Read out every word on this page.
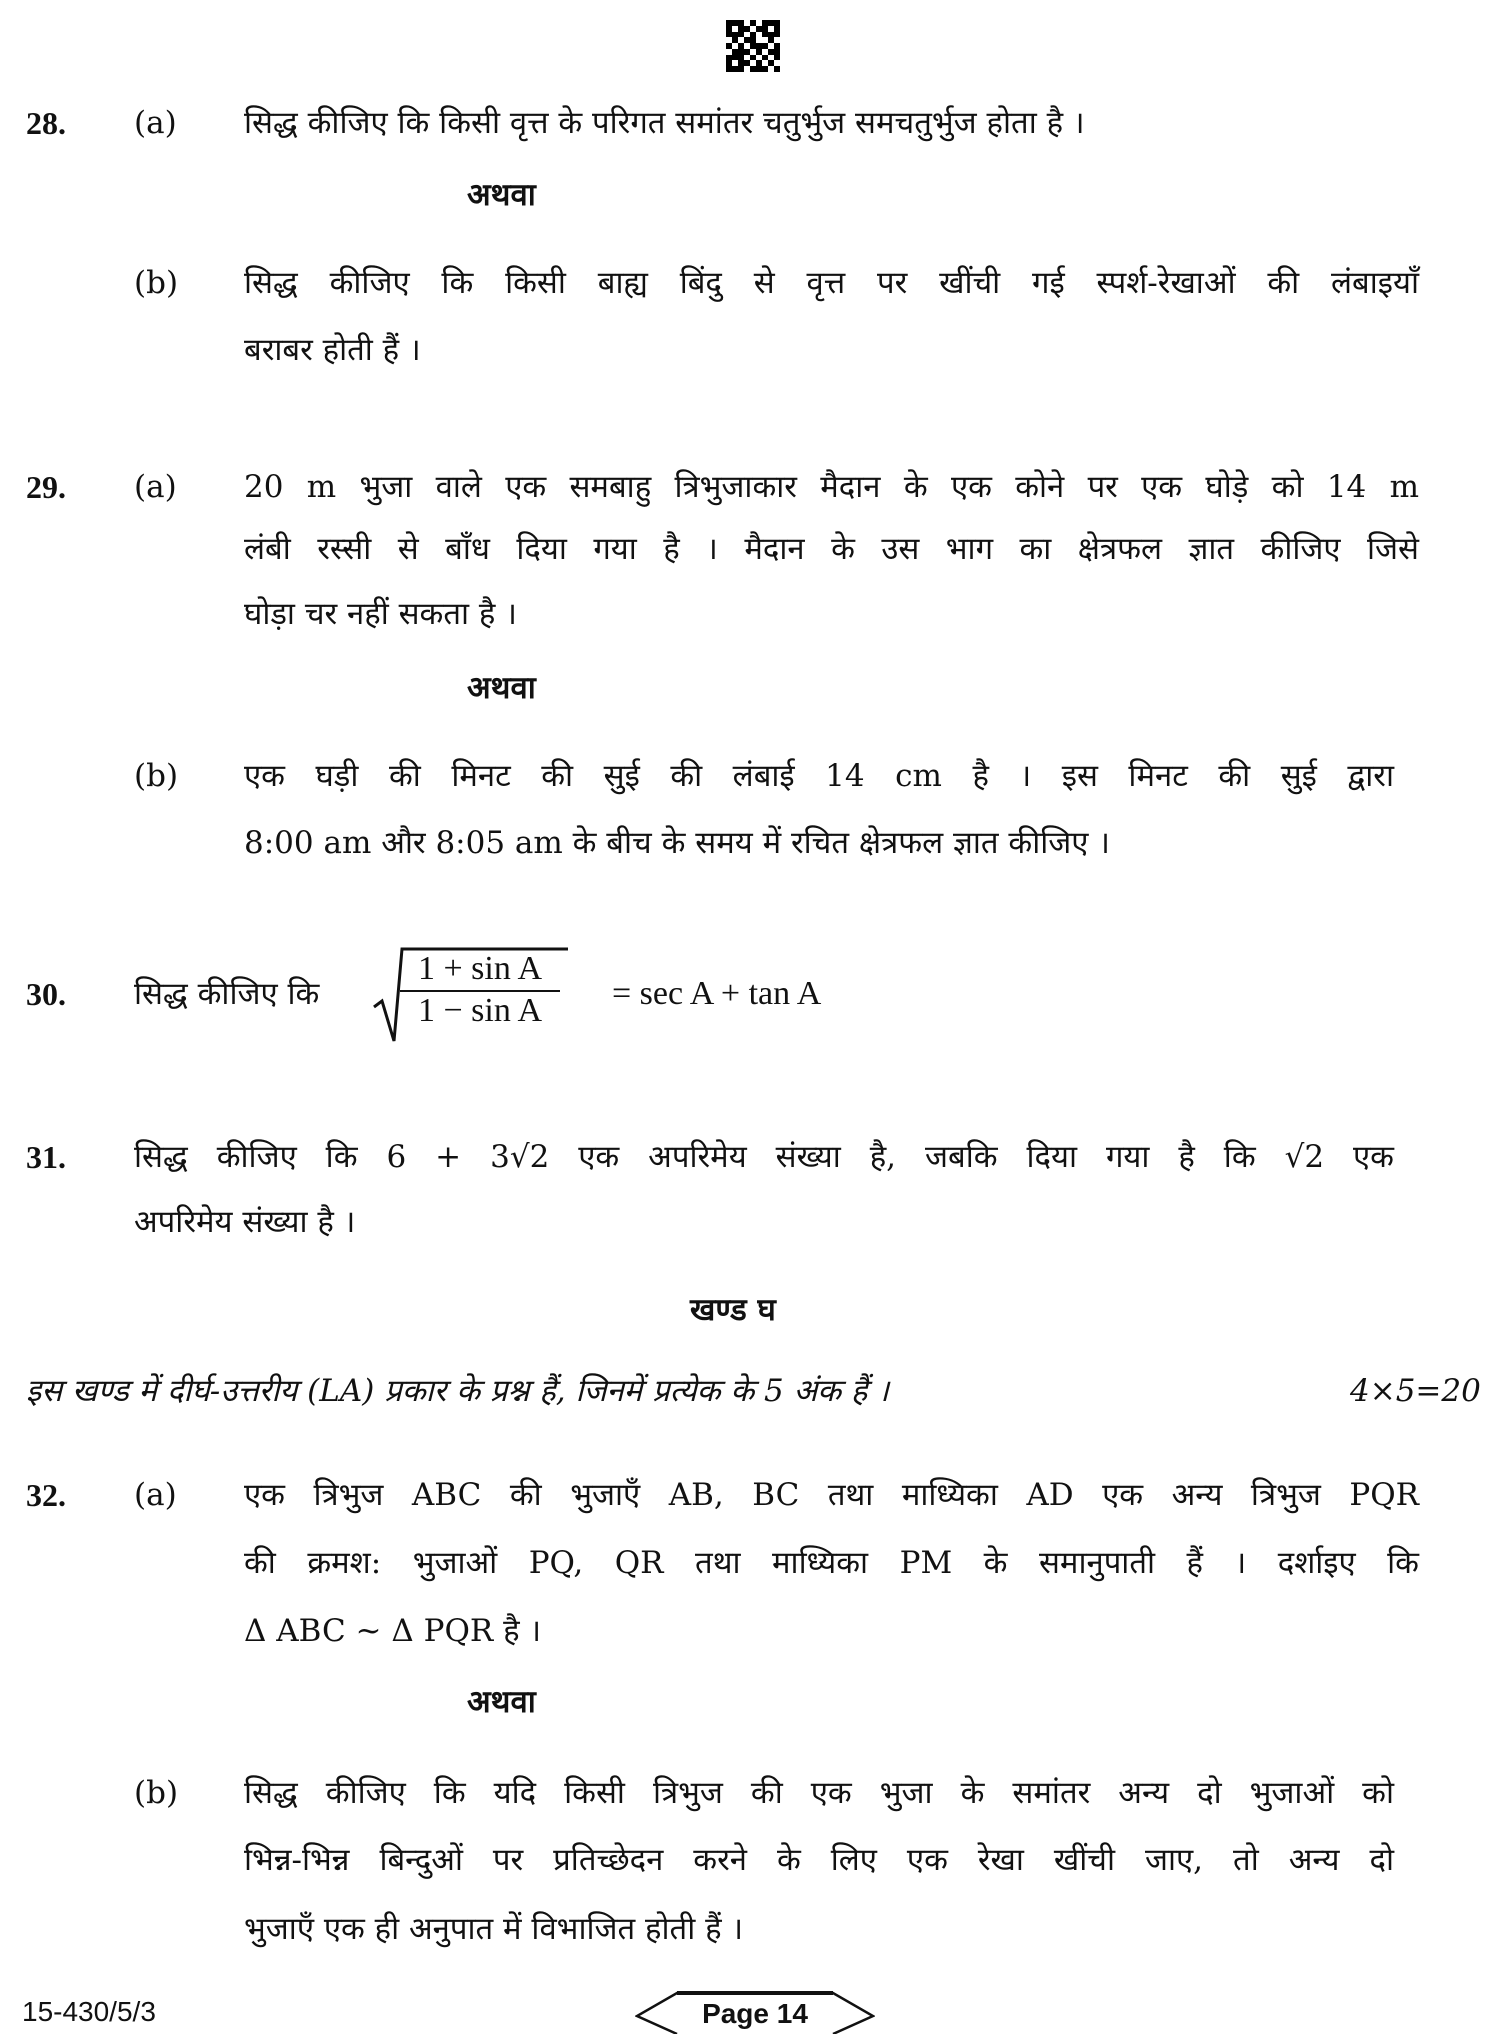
28. (a) सिद्ध कीजिए कि किसी वृत्त के परिगत समांतर चतुर्भुज समचतुर्भुज होता है ।
अथवा
(b) सिद्ध कीजिए कि किसी बाह्य बिंदु से वृत्त पर खींची गई स्पर्श-रेखाओं की लंबाइयाँ
बराबर होती हैं ।
29. (a) 20 m भुजा वाले एक समबाहु त्रिभुजाकार मैदान के एक कोने पर एक घोड़े को 14 m
लंबी रस्सी से बाँध दिया गया है । मैदान के उस भाग का क्षेत्रफल ज्ञात कीजिए जिसे
घोड़ा चर नहीं सकता है ।
अथवा
(b) एक घड़ी की मिनट की सुई की लंबाई 14 cm है । इस मिनट की सुई द्वारा
8:00 am और 8:05 am के बीच के समय में रचित क्षेत्रफल ज्ञात कीजिए ।
30. सिद्ध कीजिए कि $\frac{\text{1 + sin A}}{\text{1 − sin A}} = \sec A + \tan A$
31. सिद्ध कीजिए कि 6 + 3√2 एक अपरिमेय संख्या है, जबकि दिया गया है कि √2 एक
अपरिमेय संख्या है ।
खण्ड घ
इस खण्ड में दीर्घ-उत्तरीय (LA) प्रकार के प्रश्न हैं, जिनमें प्रत्येक के 5 अंक हैं ।	4×5=20
32. (a) एक त्रिभुज ABC की भुजाएँ AB, BC तथा माध्यिका AD एक अन्य त्रिभुज PQR
की क्रमश: भुजाओं PQ, QR तथा माध्यिका PM के समानुपाती हैं । दर्शाइए कि
Δ ABC ~ Δ PQR है ।
अथवा
(b) सिद्ध कीजिए कि यदि किसी त्रिभुज की एक भुजा के समांतर अन्य दो भुजाओं को
भिन्न-भिन्न बिन्दुओं पर प्रतिच्छेदन करने के लिए एक रेखा खींची जाए, तो अन्य दो
भुजाएँ एक ही अनुपात में विभाजित होती हैं ।
15-430/5/3	Page 14
